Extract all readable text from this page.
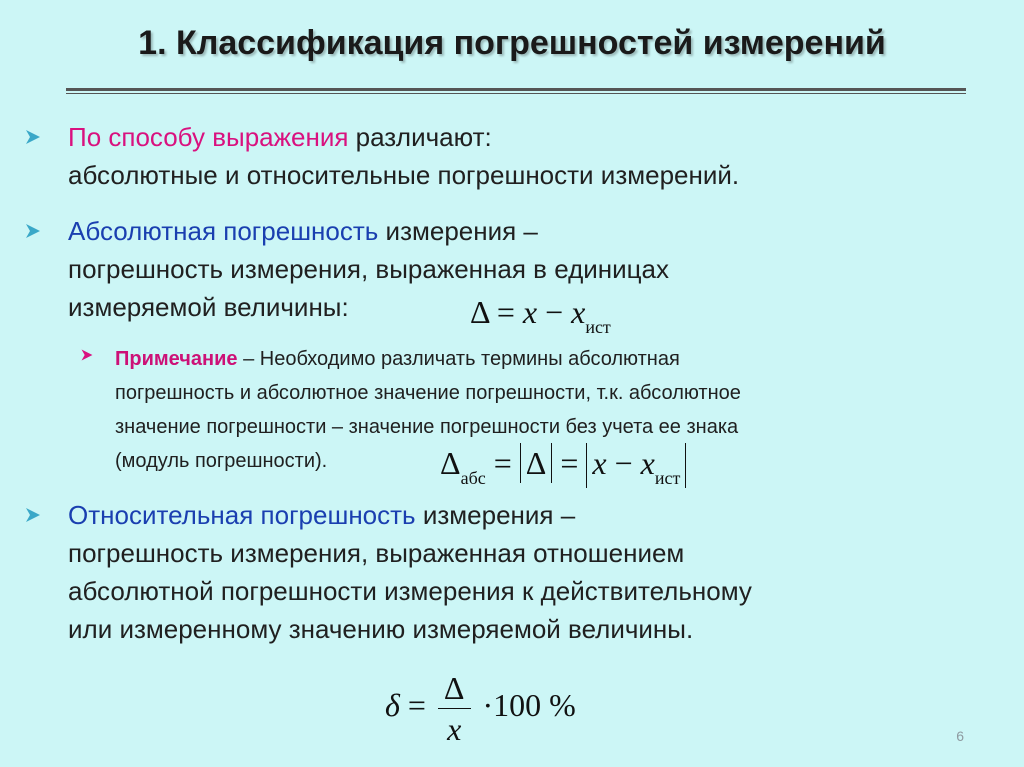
1. Классификация погрешностей измерений
По способу выражения различают:
абсолютные и относительные погрешности измерений.
Абсолютная погрешность измерения –
погрешность измерения, выраженная в единицах
измеряемой величины:	$\Delta = x - x_{ист}$
Примечание – Необходимо различать термины абсолютная
погрешность и абсолютное значение погрешности, т.к. абсолютное
значение погрешности – значение погрешности без учета ее знака
(модуль погрешности).	$\Delta_{абс} = \Delta = x - x_{ист}$
Относительная погрешность измерения –
погрешность измерения, выраженная отношением
абсолютной погрешности измерения к действительному
или измеренному значению измеряемой величины.
$\delta = \frac{\Delta}{x} \cdot 100$ %
6
